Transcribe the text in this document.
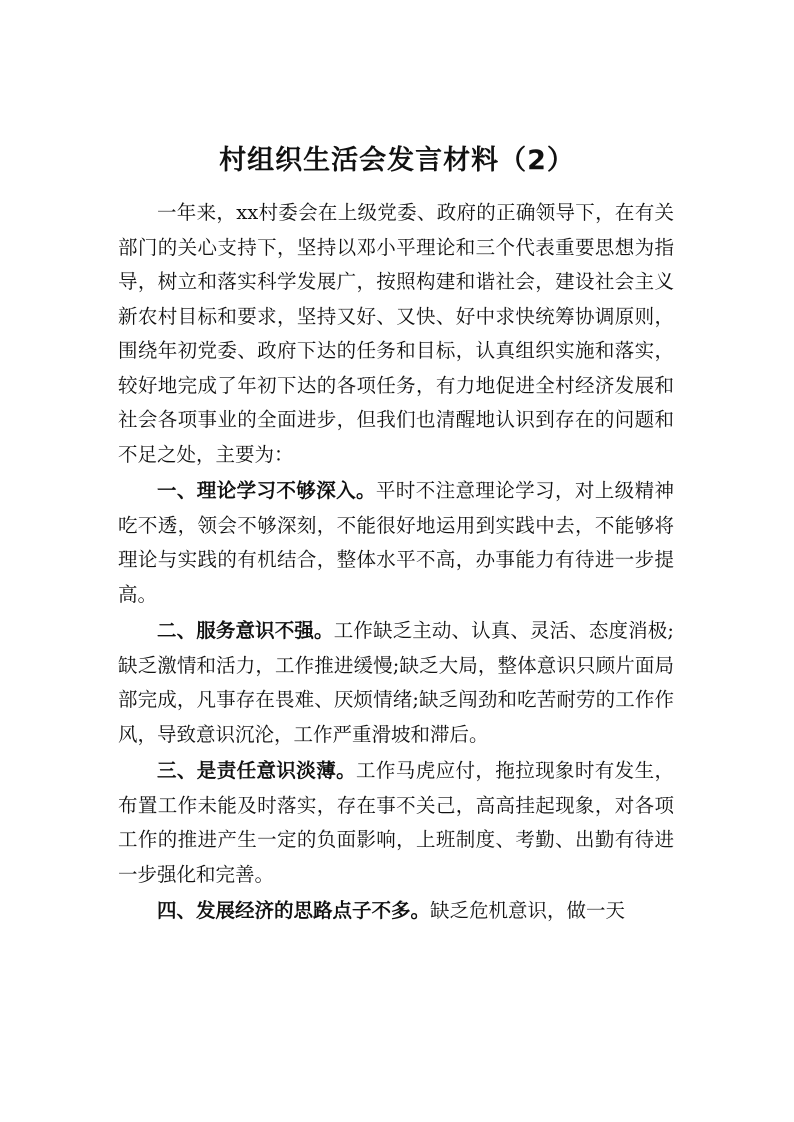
村组织生活会发言材料（2）

一年来，xx村委会在上级党委、政府的正确领导下，在有关部门的关心支持下，坚持以邓小平理论和三个代表重要思想为指导，树立和落实科学发展广，按照构建和谐社会，建设社会主义新农村目标和要求，坚持又好、又快、好中求快统筹协调原则，围绕年初党委、政府下达的任务和目标，认真组织实施和落实，较好地完成了年初下达的各项任务，有力地促进全村经济发展和社会各项事业的全面进步，但我们也清醒地认识到存在的问题和不足之处，主要为：

一、理论学习不够深入。平时不注意理论学习，对上级精神吃不透，领会不够深刻，不能很好地运用到实践中去，不能够将理论与实践的有机结合，整体水平不高，办事能力有待进一步提高。

二、服务意识不强。工作缺乏主动、认真、灵活、态度消极;缺乏激情和活力，工作推进缓慢;缺乏大局，整体意识只顾片面局部完成，凡事存在畏难、厌烦情绪;缺乏闯劲和吃苦耐劳的工作作风，导致意识沉沦，工作严重滑坡和滞后。

三、是责任意识淡薄。工作马虎应付，拖拉现象时有发生，布置工作未能及时落实，存在事不关己，高高挂起现象，对各项工作的推进产生一定的负面影响，上班制度、考勤、出勤有待进一步强化和完善。

四、发展经济的思路点子不多。缺乏危机意识，做一天
